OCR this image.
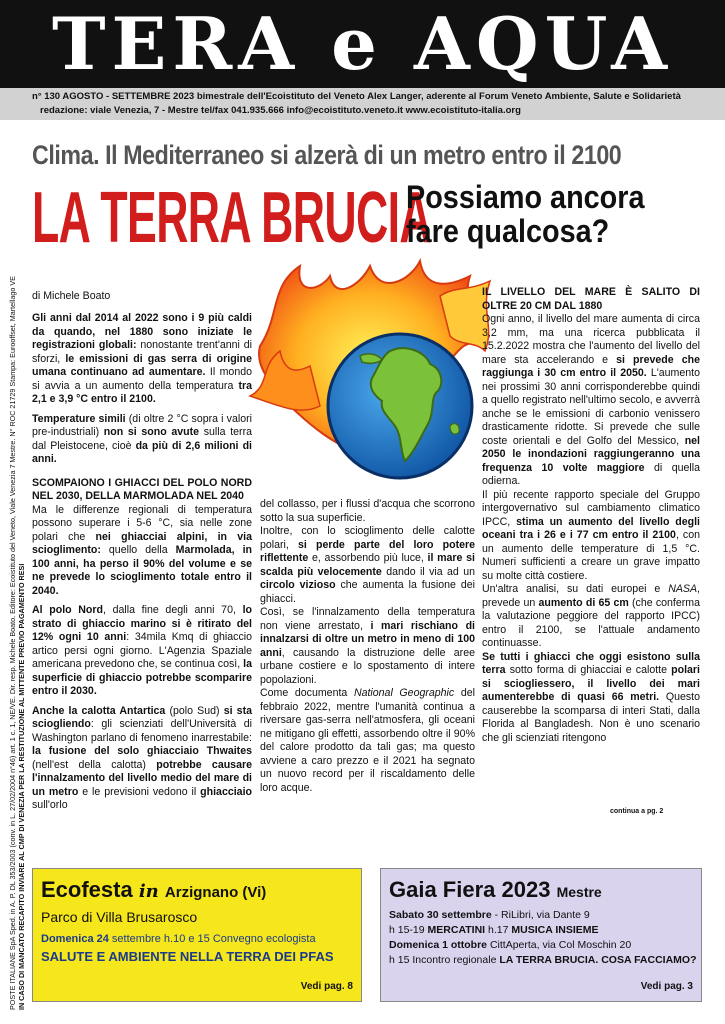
TERA e AQUA
n° 130 AGOSTO - SETTEMBRE 2023 bimestrale dell'Ecoistituto del Veneto Alex Langer, aderente al Forum Veneto Ambiente, Salute e Solidarietà
redazione: viale Venezia, 7 - Mestre tel/fax 041.935.666 info@ecoistituto.veneto.it www.ecoistituto-italia.org
POSTE ITALIANE SpA Sped. in A. P. DL 353/2003 (conv. in L. 27/02/2004 n°46) art. 1 c. 1, NE/VE. Dir. resp. Michele Boato. Editore: Ecoistituto del Veneto, Viale Venezia 7 Mestre. N° ROC 21729 Stampa: Eurooffset, Martellago VE IN CASO DI MANCATO RECAPITO INVIARE AL CMP DI VENEZIA PER LA RESTITUZIONE AL MITTENTE PREVIO PAGAMENTO RESI
Clima. Il Mediterraneo si alzerà di un metro entro il 2100
LA TERRA BRUCIA
Possiamo ancora fare qualcosa?
di Michele Boato

Gli anni dal 2014 al 2022 sono i 9 più caldi da quando, nel 1880 sono iniziate le registrazioni globali: nonostante trent'anni di sforzi, le emissioni di gas serra di origine umana continuano ad aumentare. Il mondo si avvia a un aumento della temperatura tra 2,1 e 3,9 °C entro il 2100.

Temperature simili (di oltre 2 °C sopra i valori pre-industriali) non si sono avute sulla terra dal Pleistocene, cioè da più di 2,6 milioni di anni.

SCOMPAIONO I GHIACCI DEL POLO NORD NEL 2030, DELLA MARMOLADA NEL 2040

Ma le differenze regionali di temperatura possono superare i 5-6 °C, sia nelle zone polari che nei ghiacciai alpini, in via scioglimento: quello della Marmolada, in 100 anni, ha perso il 90% del volume e se ne prevede lo scioglimento totale entro il 2040.

Al polo Nord, dalla fine degli anni 70, lo strato di ghiaccio marino si è ritirato del 12% ogni 10 anni: 34mila Kmq di ghiaccio artico persi ogni giorno. L'Agenzia Spaziale americana prevedono che, se continua così, la superficie di ghiaccio potrebbe scomparire entro il 2030.

Anche la calotta Antartica (polo Sud) si sta sciogliendo: gli scienziati dell'Università di Washington parlano di fenomeno inarrestabile: la fusione del solo ghiacciaio Thwaites (nell'est della calotta) potrebbe causare l'innalzamento del livello medio del mare di un metro e le previsioni vedono il ghiacciaio sull'orlo

del collasso, per i flussi d'acqua che scorrono sotto la sua superficie.

Inoltre, con lo scioglimento delle calotte polari, si perde parte del loro potere riflettente e, assorbendo più luce, il mare si scalda più velocemente dando il via ad un circolo vizioso che aumenta la fusione dei ghiacci.

Così, se l'innalzamento della temperatura non viene arrestato, i mari rischiano di innalzarsi di oltre un metro in meno di 100 anni, causando la distruzione delle aree urbane costiere e lo spostamento di intere popolazioni.

Come documenta National Geographic del febbraio 2022, mentre l'umanità continua a riversare gas-serra nell'atmosfera, gli oceani ne mitigano gli effetti, assorbendo oltre il 90% del calore prodotto da tali gas; ma questo avviene a caro prezzo e il 2021 ha segnato un nuovo record per il riscaldamento delle loro acque.

IL LIVELLO DEL MARE È SALITO DI OLTRE 20 CM DAL 1880

Ogni anno, il livello del mare aumenta di circa 3,2 mm, ma una ricerca pubblicata il 15.2.2022 mostra che l'aumento del livello del mare sta accelerando e si prevede che raggiunga i 30 cm entro il 2050. L'aumento nei prossimi 30 anni corrisponderebbe quindi a quello registrato nell'ultimo secolo, e avverrà anche se le emissioni di carbonio venissero drasticamente ridotte. Si prevede che sulle coste orientali e del Golfo del Messico, nel 2050 le inondazioni raggiungeranno una frequenza 10 volte maggiore di quella odierna.

Il più recente rapporto speciale del Gruppo intergovernativo sul cambiamento climatico IPCC, stima un aumento del livello degli oceani tra i 26 e i 77 cm entro il 2100, con un aumento delle temperature di 1,5 °C. Numeri sufficienti a creare un grave impatto su molte città costiere.

Un'altra analisi, su dati europei e NASA, prevede un aumento di 65 cm (che conferma la valutazione peggiore del rapporto IPCC) entro il 2100, se l'attuale andamento continuasse.

Se tutti i ghiacci che oggi esistono sulla terra sotto forma di ghiacciai e calotte polari si sciogliessero, il livello dei mari aumenterebbe di quasi 66 metri. Questo causerebbe la scomparsa di interi Stati, dalla Florida al Bangladesh. Non è uno scenario che gli scienziati ritengono

continua a pg. 2
Ecofesta in Arzignano (Vi)
Parco di Villa Brusarosco
Domenica 24 settembre h.10 e 15 Convegno ecologista
SALUTE E AMBIENTE NELLA TERRA DEI PFAS
Vedi pag. 8
Gaia Fiera 2023 Mestre
Sabato 30 settembre - RiLibri, via Dante 9
h 15-19 MERCATINI h.17 MUSICA INSIEME
Domenica 1 ottobre CittAperta, via Col Moschin 20
h 15 Incontro regionale LA TERRA BRUCIA. COSA FACCIAMO?
Vedi pag. 3
